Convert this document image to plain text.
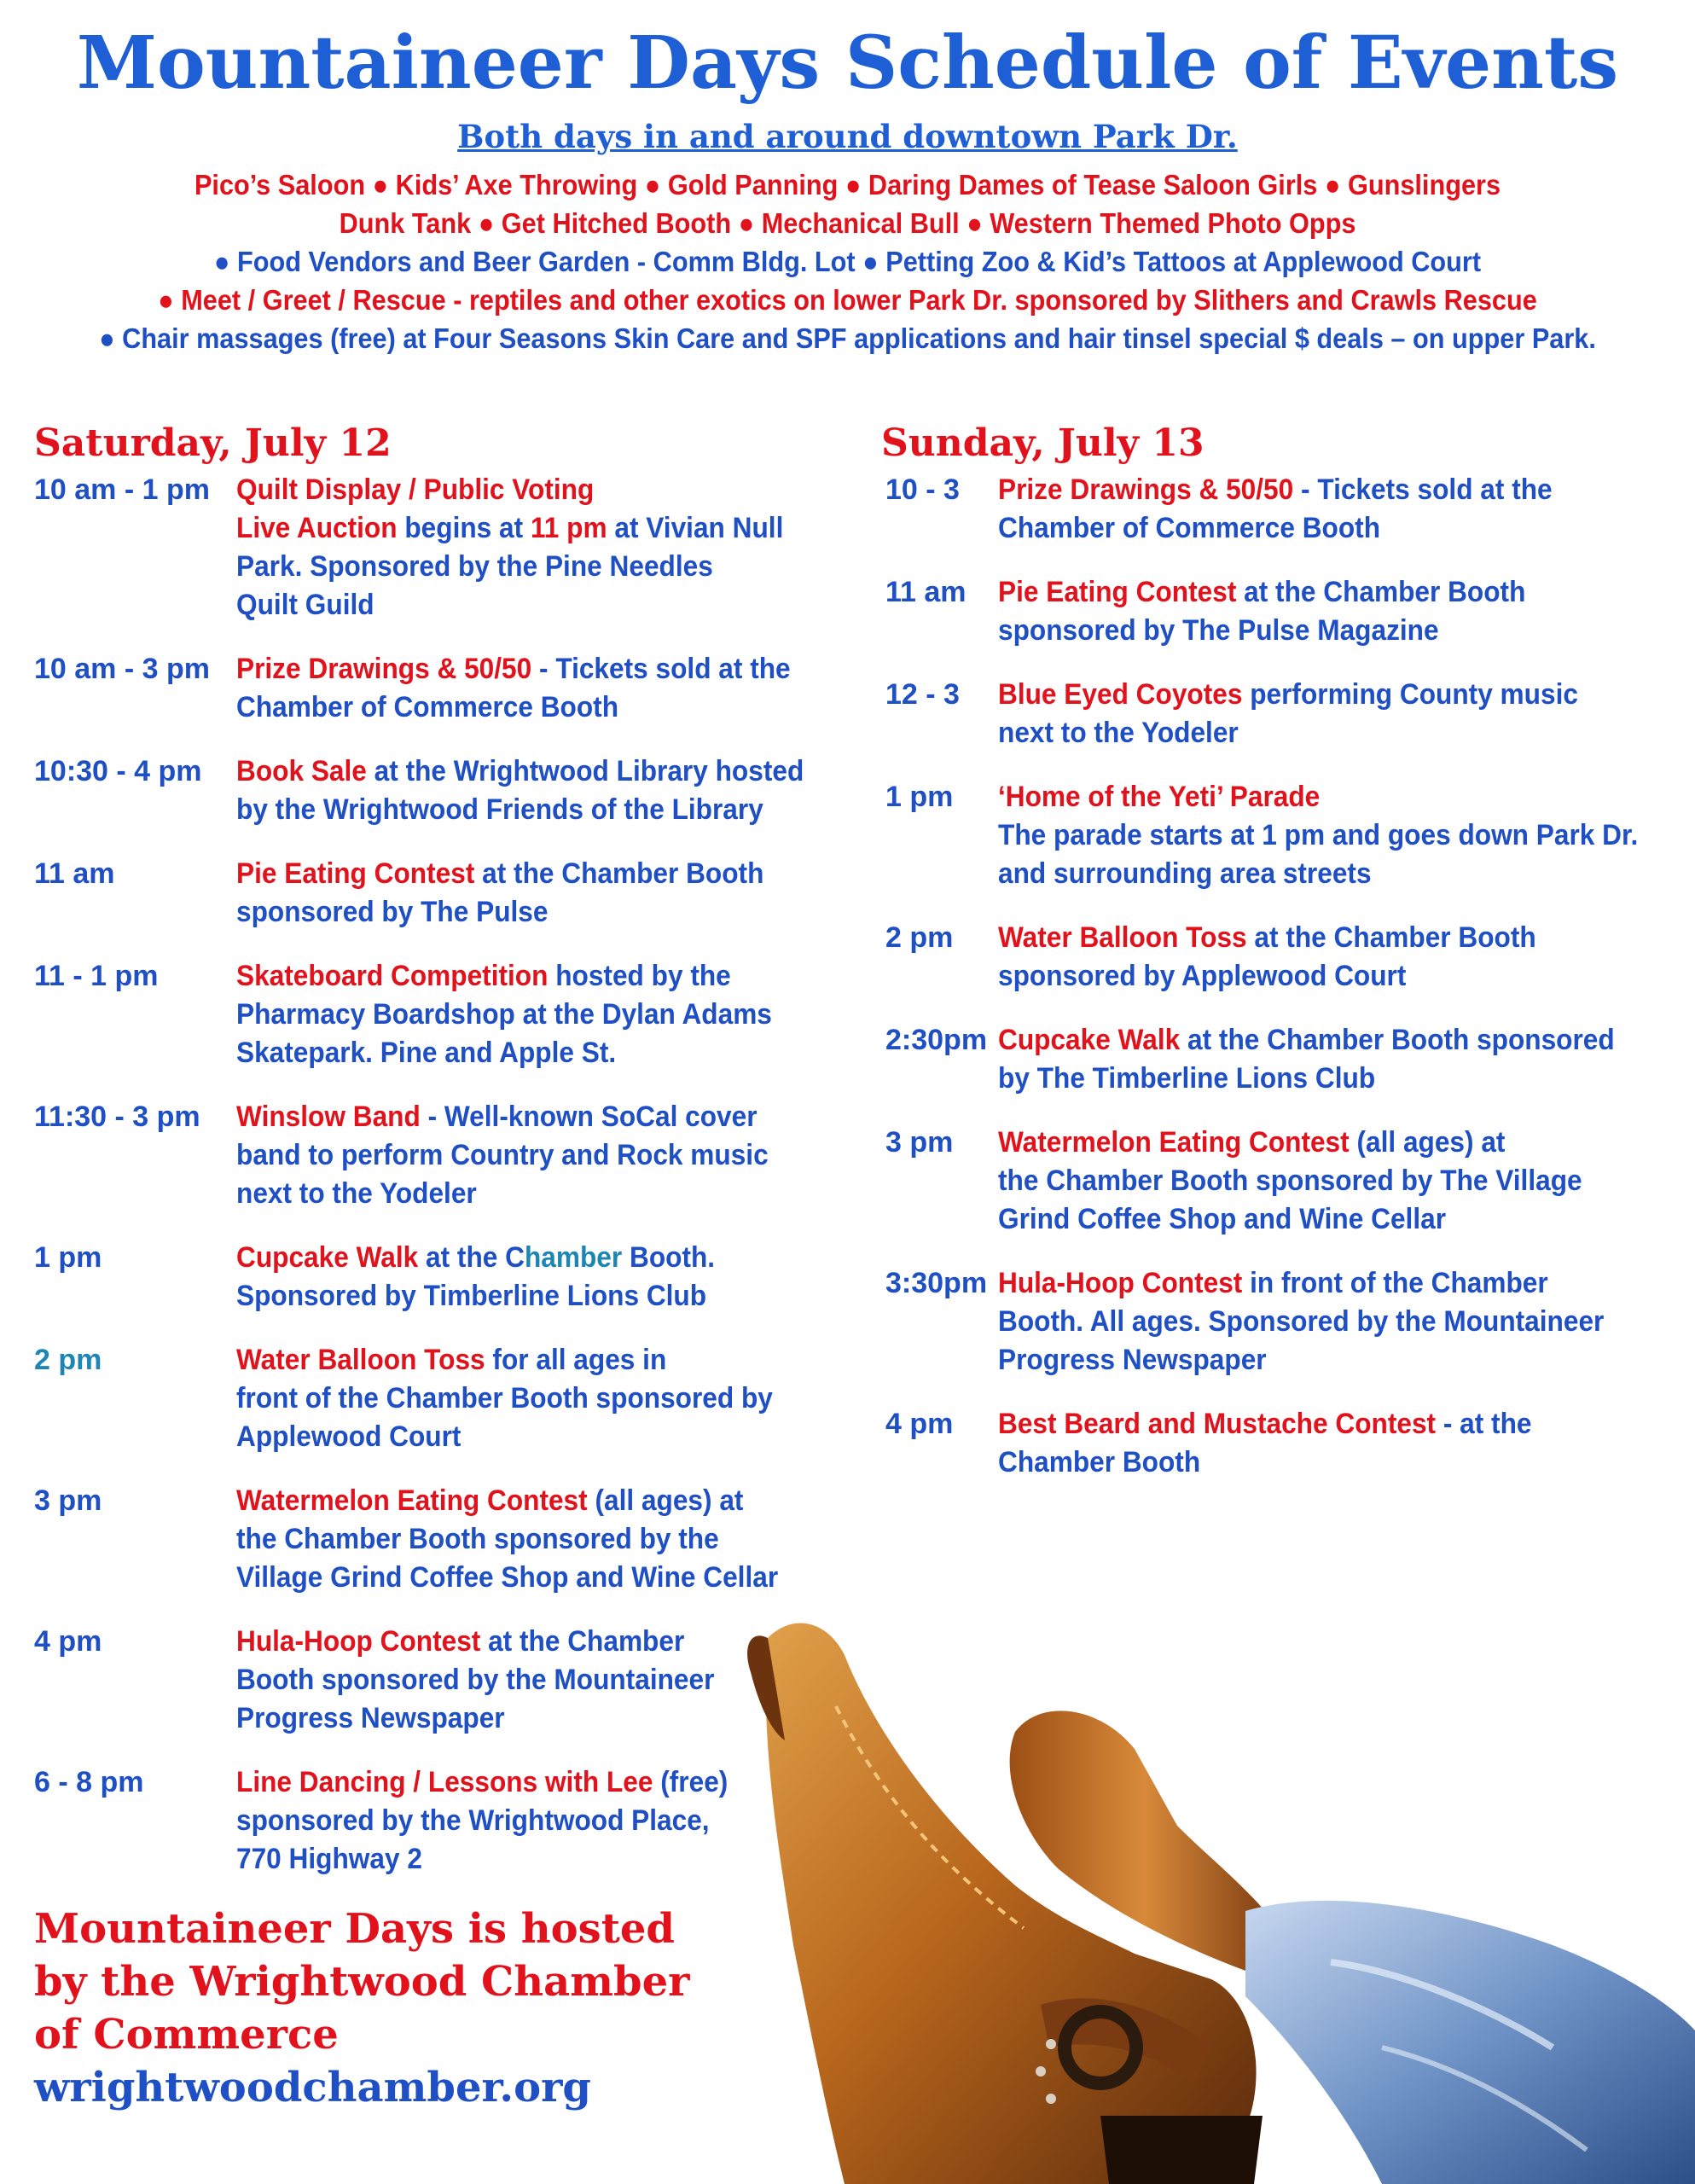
Mountaineer Days Schedule of Events
Both days in and around downtown Park Dr.
Pico’s Saloon ● Kids’ Axe Throwing ● Gold Panning ● Daring Dames of Tease Saloon Girls ● Gunslingers
Dunk Tank ● Get Hitched Booth ● Mechanical Bull ● Western Themed Photo Opps
● Food Vendors and Beer Garden - Comm Bldg. Lot ● Petting Zoo & Kid’s Tattoos at Applewood Court
● Meet / Greet / Rescue - reptiles and other exotics on lower Park Dr. sponsored by Slithers and Crawls Rescue
● Chair massages (free) at Four Seasons Skin Care and SPF applications and hair tinsel special $ deals – on upper Park.
Saturday, July 12	Sunday, July 13
10 am - 1 pm Quilt Display / Public Voting
Live Auction begins at 11 pm at Vivian Null
Park. Sponsored by the Pine Needles
Quilt Guild
10 am - 3 pm Prize Drawings & 50/50 - Tickets sold at the
Chamber of Commerce Booth
10:30 - 4 pm	Book Sale at the Wrightwood Library hosted
by the Wrightwood Friends of the Library
11 am	Pie Eating Contest at the Chamber Booth
sponsored by The Pulse
11 - 1 pm	Skateboard Competition hosted by the
Pharmacy Boardshop at the Dylan Adams
Skatepark. Pine and Apple St.
11:30 - 3 pm	Winslow Band - Well-known SoCal cover
band to perform Country and Rock music
next to the Yodeler
1 pm	Cupcake Walk at the Chamber Booth.
Sponsored by Timberline Lions Club
2 pm	Water Balloon Toss for all ages in
front of the Chamber Booth sponsored by
Applewood Court
3 pm	Watermelon Eating Contest (all ages) at
the Chamber Booth sponsored by the
Village Grind Coffee Shop and Wine Cellar
4 pm	Hula-Hoop Contest at the Chamber
Booth sponsored by the Mountaineer
Progress Newspaper
6 - 8 pm	Line Dancing / Lessons with Lee (free)
sponsored by the Wrightwood Place,
770 Highway 2
10 - 3	Prize Drawings & 50/50 - Tickets sold at the
Chamber of Commerce Booth
11 am	Pie Eating Contest at the Chamber Booth
sponsored by The Pulse Magazine
12 - 3	Blue Eyed Coyotes performing County music
next to the Yodeler
1 pm	‘Home of the Yeti’ Parade
The parade starts at 1 pm and goes down Park Dr.
and surrounding area streets
2 pm	Water Balloon Toss at the Chamber Booth
sponsored by Applewood Court
2:30pm Cupcake Walk at the Chamber Booth sponsored
by The Timberline Lions Club
3 pm	Watermelon Eating Contest (all ages) at
the Chamber Booth sponsored by The Village
Grind Coffee Shop and Wine Cellar
3:30pm Hula-Hoop Contest in front of the Chamber
Booth. All ages. Sponsored by the Mountaineer
Progress Newspaper
4 pm	Best Beard and Mustache Contest - at the
Chamber Booth
Mountaineer Days is hosted
by the Wrightwood Chamber
of Commerce
wrightwoodchamber.org
